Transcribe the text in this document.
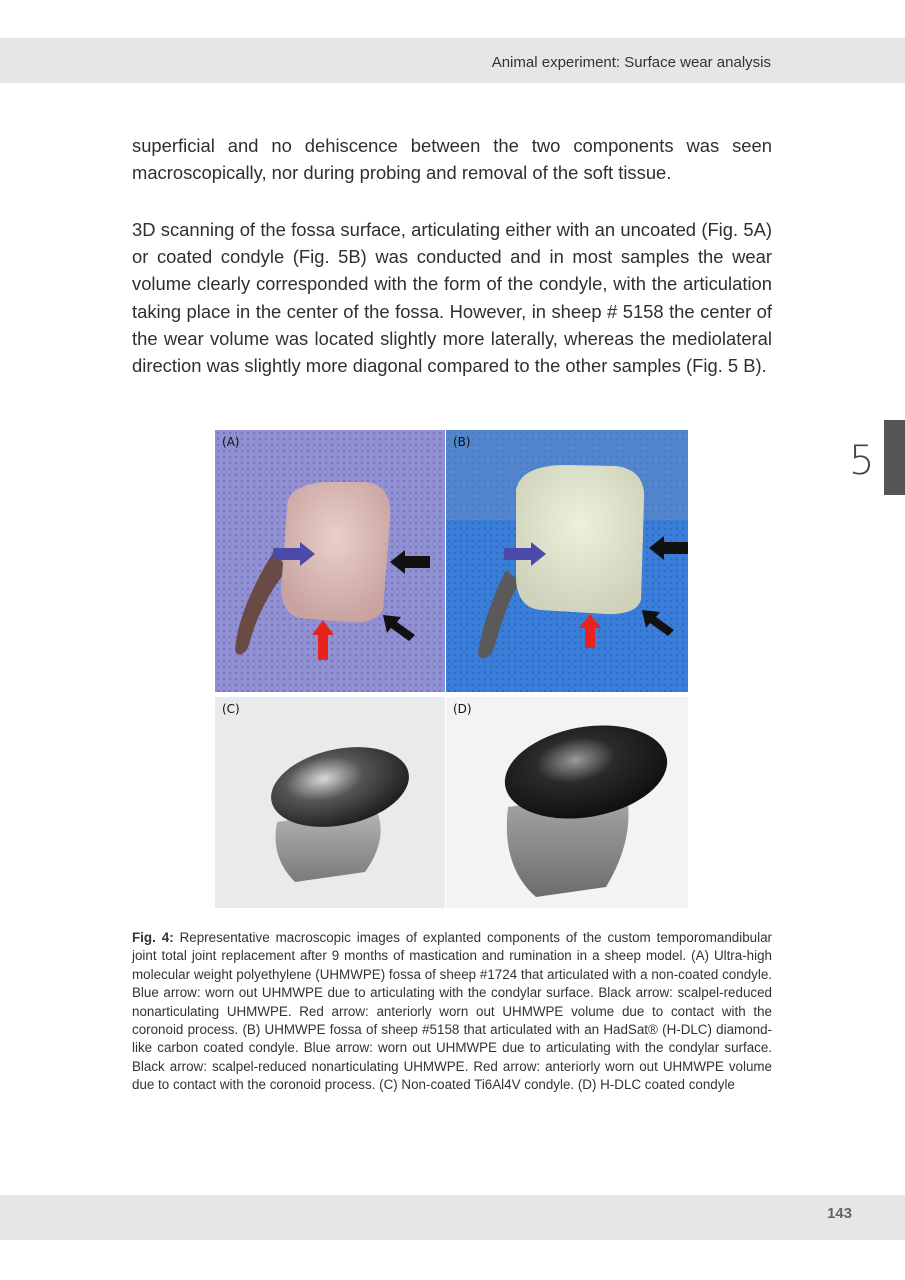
Animal experiment: Surface wear analysis
5
superficial and no dehiscence between the two components was seen macroscopically, nor during probing and removal of the soft tissue.
3D scanning of the fossa surface, articulating either with an uncoated (Fig. 5A) or coated condyle (Fig. 5B) was conducted and in most samples the wear volume clearly corresponded with the form of the condyle, with the articulation taking place in the center of the fossa. However, in sheep # 5158 the center of the wear volume was located slightly more laterally, whereas the mediolateral direction was slightly more diagonal compared to the other samples (Fig. 5 B).
(A)	(B)
(C)	(D)
Fig. 4: Representative macroscopic images of explanted components of the custom temporomandibular joint total joint replacement after 9 months of mastication and rumination in a sheep model. (A) Ultra-high molecular weight polyethylene (UHMWPE) fossa of sheep #1724 that articulated with a non-coated condyle. Blue arrow: worn out UHMWPE due to articulating with the condylar surface. Black arrow: scalpel-reduced nonarticulating UHMWPE. Red arrow: anteriorly worn out UHMWPE volume due to contact with the coronoid process. (B) UHMWPE fossa of sheep #5158 that articulated with an HadSat® (H-DLC) diamond-like carbon coated condyle. Blue arrow: worn out UHMWPE due to articulating with the condylar surface. Black arrow: scalpel-reduced nonarticulating UHMWPE. Red arrow: anteriorly worn out UHMWPE volume due to contact with the coronoid process. (C) Non-coated Ti6Al4V condyle. (D) H-DLC coated condyle
143
